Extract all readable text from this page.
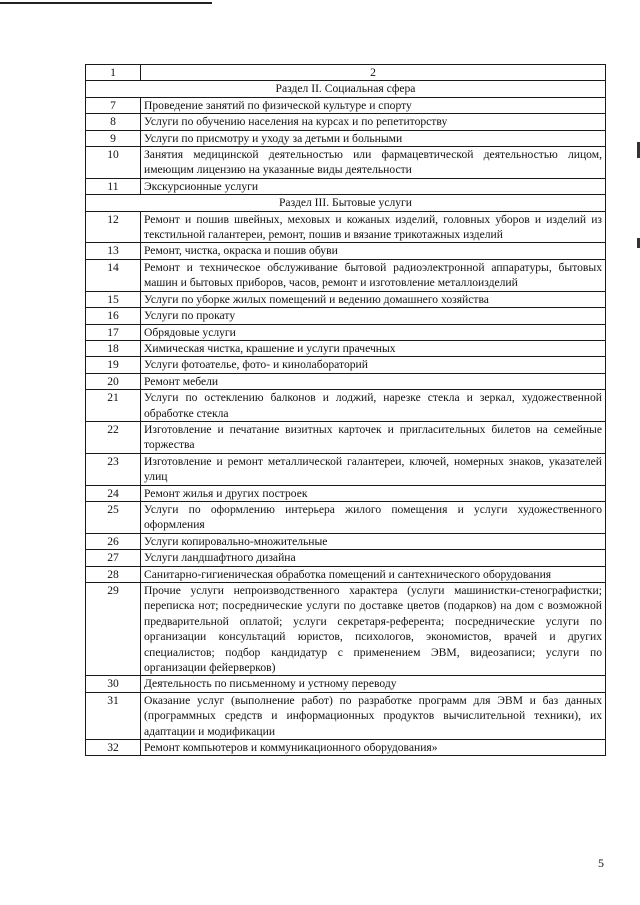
1	2
Раздел II. Социальная сфера	
7	Проведение занятий по физической культуре и спорту
8	Услуги по обучению населения на курсах и по репетиторству
9	Услуги по присмотру и уходу за детьми и больными
10	Занятия медицинской деятельностью или фармацевтической деятельностью лицом, имеющим лицензию на указанные виды деятельности
11	Экскурсионные услуги
Раздел III. Бытовые услуги	
12	Ремонт и пошив швейных, меховых и кожаных изделий, головных уборов и изделий из текстильной галантереи, ремонт, пошив и вязание трикотажных изделий
13	Ремонт, чистка, окраска и пошив обуви
14	Ремонт и техническое обслуживание бытовой радиоэлектронной аппаратуры, бытовых машин и бытовых приборов, часов, ремонт и изготовление металлоизделий
15	Услуги по уборке жилых помещений и ведению домашнего хозяйства
16	Услуги по прокату
17	Обрядовые услуги
18	Химическая чистка, крашение и услуги прачечных
19	Услуги фотоателье, фото- и кинолабораторий
20	Ремонт мебели
21	Услуги по остеклению балконов и лоджий, нарезке стекла и зеркал, художественной обработке стекла
22	Изготовление и печатание визитных карточек и пригласительных билетов на семейные торжества
23	Изготовление и ремонт металлической галантереи, ключей, номерных знаков, указателей улиц
24	Ремонт жилья и других построек
25	Услуги по оформлению интерьера жилого помещения и услуги художественного оформления
26	Услуги копировально-множительные
27	Услуги ландшафтного дизайна
28	Санитарно-гигиеническая обработка помещений и сантехнического оборудования
29	Прочие услуги непроизводственного характера (услуги машинистки-стенографистки; переписка нот; посреднические услуги по доставке цветов (подарков) на дом с возможной предварительной оплатой; услуги секретаря-референта; посреднические услуги по организации консультаций юристов, психологов, экономистов, врачей и других специалистов; подбор кандидатур с применением ЭВМ, видеозаписи; услуги по организации фейерверков)
30	Деятельность по письменному и устному переводу
31	Оказание услуг (выполнение работ) по разработке программ для ЭВМ и баз данных (программных средств и информационных продуктов вычислительной техники), их адаптации и модификации
32	Ремонт компьютеров и коммуникационного оборудования»
5
